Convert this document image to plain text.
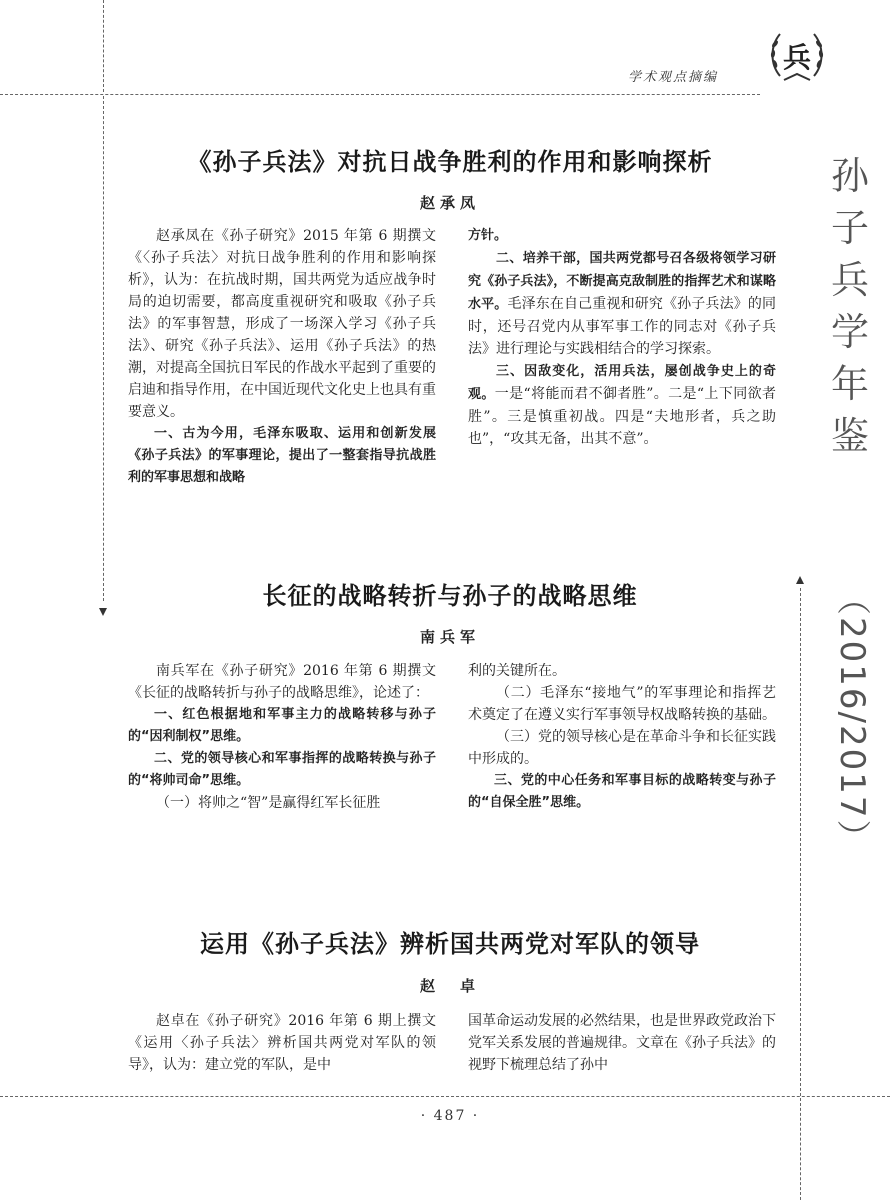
学术观点摘编
兵
孙
子
兵
学
年
鉴
（2016/2017）
《孙子兵法》对抗日战争胜利的作用和影响探析
赵承凤

赵承凤在《孙子研究》2015 年第 6 期撰文《〈孙子兵法〉对抗日战争胜利的作用和影响探析》，认为：在抗战时期，国共两党为适应战争时局的迫切需要，都高度重视研究和吸取《孙子兵法》的军事智慧，形成了一场深入学习《孙子兵法》、研究《孙子兵法》、运用《孙子兵法》的热潮，对提高全国抗日军民的作战水平起到了重要的启迪和指导作用，在中国近现代文化史上也具有重要意义。

一、古为今用，毛泽东吸取、运用和创新发展《孙子兵法》的军事理论，提出了一整套指导抗战胜利的军事思想和战略

方针。

二、培养干部，国共两党都号召各级将领学习研究《孙子兵法》，不断提高克敌制胜的指挥艺术和谋略水平。毛泽东在自己重视和研究《孙子兵法》的同时，还号召党内从事军事工作的同志对《孙子兵法》进行理论与实践相结合的学习探索。

三、因敌变化，活用兵法，屡创战争史上的奇观。一是“将能而君不御者胜”。二是“上下同欲者胜”。三是慎重初战。四是“夫地形者，兵之助也”，“攻其无备，出其不意”。

长征的战略转折与孙子的战略思维
南兵军

南兵军在《孙子研究》2016 年第 6 期撰文《长征的战略转折与孙子的战略思维》，论述了：

一、红色根据地和军事主力的战略转移与孙子的“因利制权”思维。

二、党的领导核心和军事指挥的战略转换与孙子的“将帅司命”思维。

（一）将帅之“智”是赢得红军长征胜

利的关键所在。

（二）毛泽东“接地气”的军事理论和指挥艺术奠定了在遵义实行军事领导权战略转换的基础。

（三）党的领导核心是在革命斗争和长征实践中形成的。

三、党的中心任务和军事目标的战略转变与孙子的“自保全胜”思维。

运用《孙子兵法》辨析国共两党对军队的领导
赵　卓

赵卓在《孙子研究》2016 年第 6 期上撰文《运用〈孙子兵法〉辨析国共两党对军队的领导》，认为：建立党的军队，是中

国革命运动发展的必然结果，也是世界政党政治下党军关系发展的普遍规律。文章在《孙子兵法》的视野下梳理总结了孙中

· 487 ·
